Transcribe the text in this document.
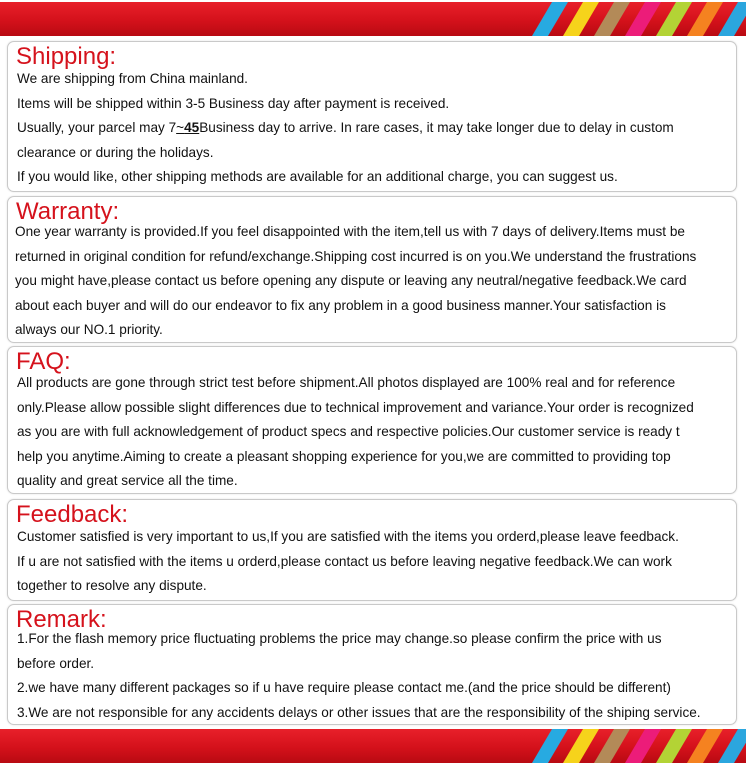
Shipping:

We are shipping from China mainland.

Items will be shipped within 3-5 Business day after payment is received.

Usually, your parcel may 7~45Business day to arrive. In rare cases, it may take longer due to delay in custom

clearance or during the holidays.

If you would like, other shipping methods are available for an additional charge, you can suggest us.

Warranty:

One year warranty is provided.If you feel disappointed with the item,tell us with 7 days of delivery.Items must be

returned in original condition for refund/exchange.Shipping cost incurred is on you.We understand the frustrations

you might have,please contact us before opening any dispute or leaving any neutral/negative feedback.We card

about each buyer and will do our endeavor to fix any problem in a good business manner.Your satisfaction is

always our NO.1 priority.

FAQ:

All products are gone through strict test before shipment.All photos displayed are 100% real and for reference

only.Please allow possible slight differences due to technical improvement and variance.Your order is recognized

as you are with full acknowledgement of product specs and respective policies.Our customer service is ready t

help you anytime.Aiming to create a pleasant shopping experience for you,we are committed to providing top

quality and great service all the time.

Feedback:

Customer satisfied is very important to us,If you are satisfied with the items you orderd,please leave feedback.

If u are not satisfied with the items u orderd,please contact us before leaving negative feedback.We can work

together to resolve any dispute.

Remark:

1.For the flash memory price fluctuating problems the price may change.so please confirm the price with us

before order.

2.we have many different packages so if u have require please contact me.(and the price should be different)

3.We are not responsible for any accidents delays or other issues that are the responsibility of the shiping service.
